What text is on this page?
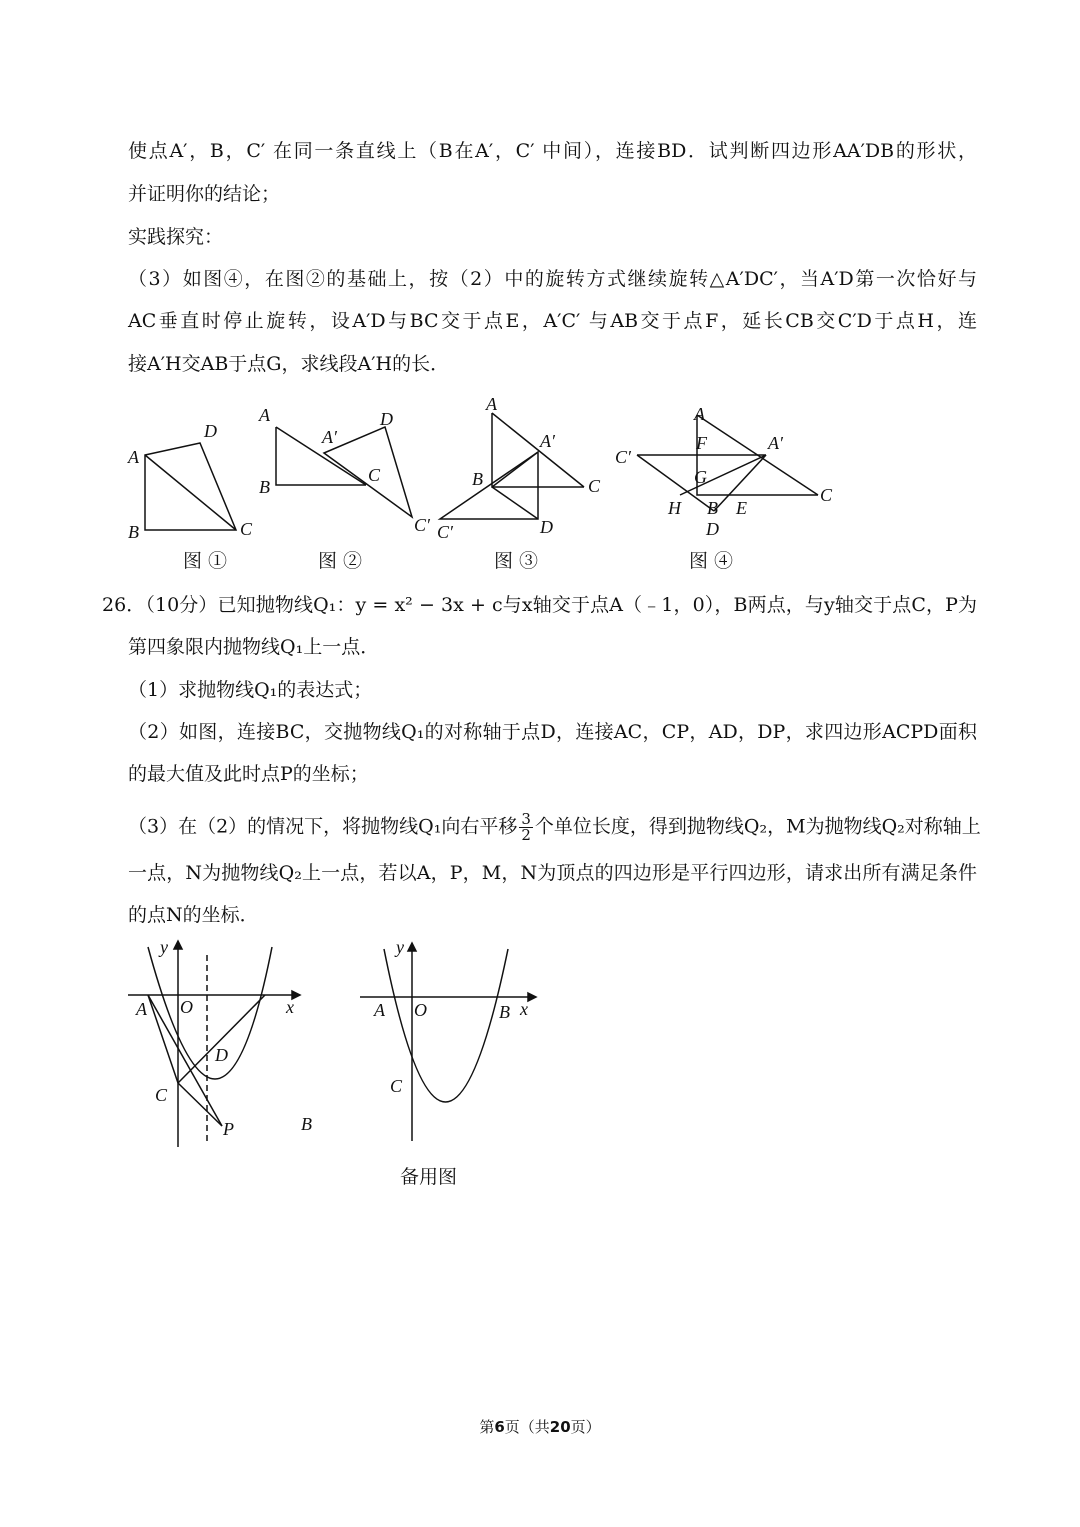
使点A′，B，C′ 在同一条直线上（B在A′，C′ 中间），连接BD．试判断四边形AA′DB的形状，
并证明你的结论；
实践探究：
（3）如图④，在图②的基础上，按（2）中的旋转方式继续旋转△A′DC′，当A′D第一次恰好与
AC垂直时停止旋转，设A′D与BC交于点E，A′C′ 与AB交于点F，延长CB交C′D于点H，连
接A′H交AB于点G，求线段A′H的长．
A
D
B	C
A
A′
D
C
B
C′
A
A′
B	C
D
C′
A
F	A′
C′
G
C
H B E
D
图 ①	图 ②	图 ③	图 ④
26．（10分）已知抛物线Q₁：y = x² − 3x + c与x轴交于点A（﹣1，0），B两点，与y轴交于点C，P为
第四象限内抛物线Q₁上一点．
（1）求抛物线Q₁的表达式；
（2）如图，连接BC，交抛物线Q₁的对称轴于点D，连接AC，CP，AD，DP，求四边形ACPD面积
的最大值及此时点P的坐标；
（3）在（2）的情况下，将抛物线Q₁向右平移 $\frac{3}{2}$ 个单位长度，得到抛物线Q₂，M为抛物线Q₂对称轴上
一点，N为抛物线Q₂上一点，若以A，P，M，N为顶点的四边形是平行四边形，请求出所有满足条件
的点N的坐标．
y
x
A O
D
C
P	B
y
x
A O	B
C
备用图
第6页（共20页）
